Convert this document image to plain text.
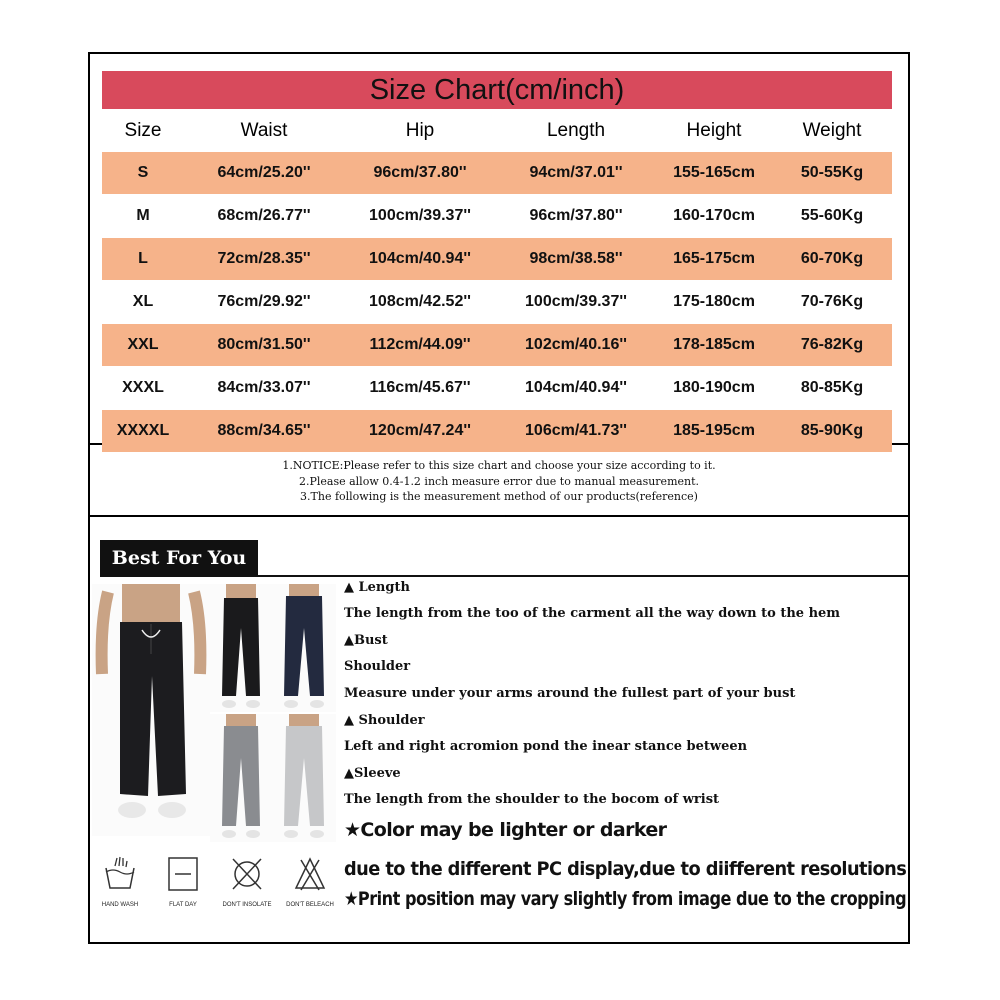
Size Chart(cm/inch)
Size	Waist	Hip	Length	Height	Weight
S	64cm/25.20''	96cm/37.80''	94cm/37.01''	155-165cm	50-55Kg
M	68cm/26.77''	100cm/39.37''	96cm/37.80''	160-170cm	55-60Kg
L	72cm/28.35''	104cm/40.94''	98cm/38.58''	165-175cm	60-70Kg
XL	76cm/29.92''	108cm/42.52''	100cm/39.37''	175-180cm	70-76Kg
XXL	80cm/31.50''	112cm/44.09''	102cm/40.16''	178-185cm	76-82Kg
XXXL	84cm/33.07''	116cm/45.67''	104cm/40.94''	180-190cm	80-85Kg
XXXXL	88cm/34.65''	120cm/47.24''	106cm/41.73''	185-195cm	85-90Kg
1.NOTICE:Please refer to this size chart and choose your size according to it.
2.Please allow 0.4-1.2 inch measure error due to manual measurement.
3.The following is the measurement method of our products(reference)
Best For You
HAND WASH	FLAT DAY	DON'T INSOLATE	DON'T BELEACH
▲ Length
The length from the too of the carment all the way down to the hem
▲Bust
Shoulder
Measure under your arms around the fullest part of your bust
▲ Shoulder
Left and right acromion pond the inear stance between
▲Sleeve
The length from the shoulder to the bocom of wrist
★Color may be lighter or darker
due to the different PC display,due to diifferent resolutions
★Print position may vary slightly from image due to the cropping
